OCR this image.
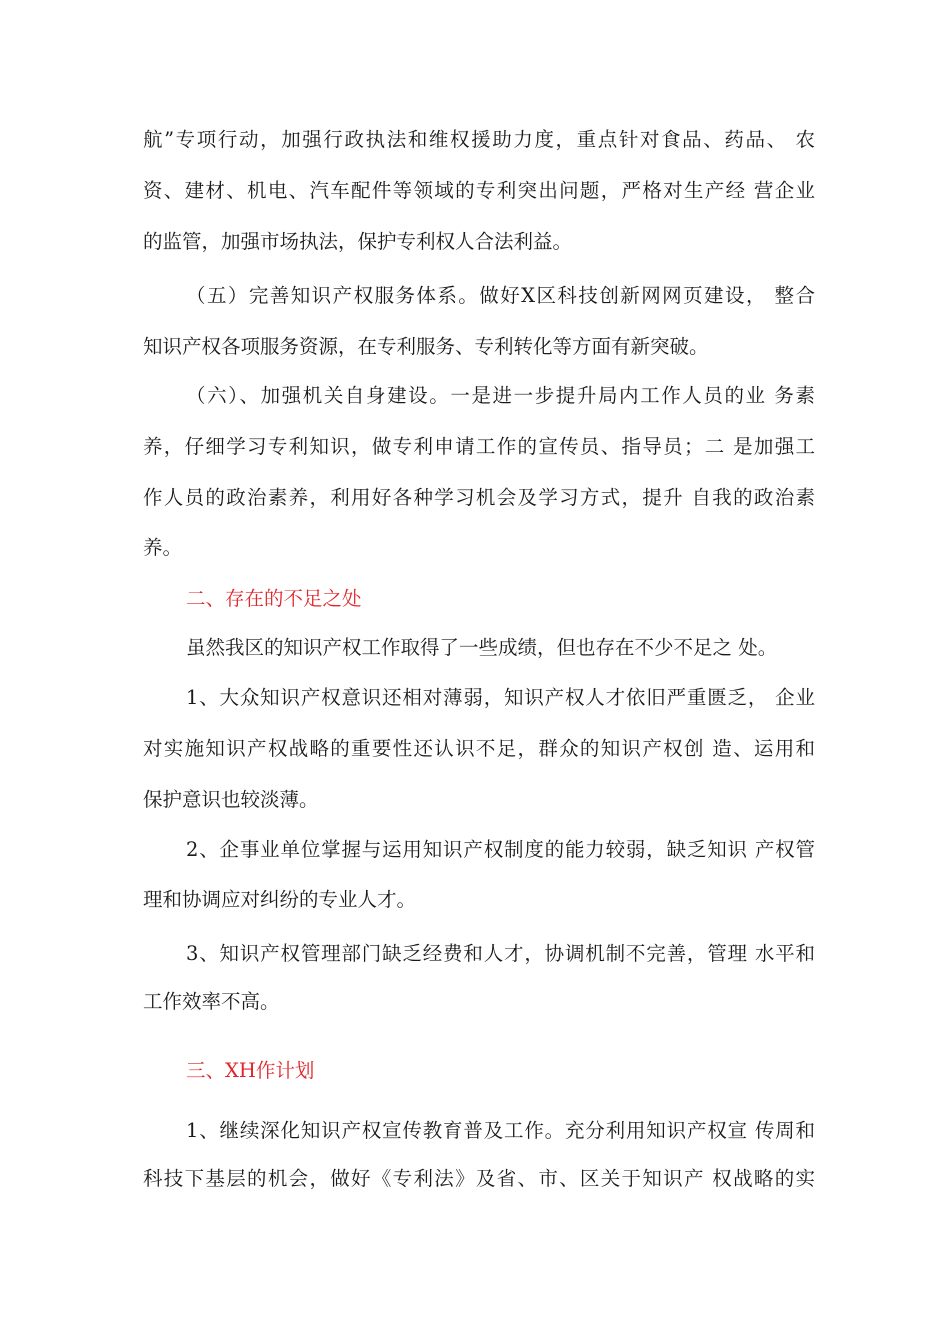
航”专项行动，加强行政执法和维权援助力度，重点针对食品、药品、 农
资、建材、机电、汽车配件等领域的专利突出问题，严格对生产经 营企业
的监管，加强市场执法，保护专利权人合法利益。
（五）完善知识产权服务体系。做好X区科技创新网网页建设， 整合
知识产权各项服务资源，在专利服务、专利转化等方面有新突破。
（六）、加强机关自身建设。一是进一步提升局内工作人员的业 务素
养，仔细学习专利知识，做专利申请工作的宣传员、指导员；二 是加强工
作人员的政治素养，利用好各种学习机会及学习方式，提升 自我的政治素
养。
二、存在的不足之处
虽然我区的知识产权工作取得了一些成绩，但也存在不少不足之 处。
1、大众知识产权意识还相对薄弱，知识产权人才依旧严重匮乏， 企业
对实施知识产权战略的重要性还认识不足，群众的知识产权创 造、运用和
保护意识也较淡薄。
2、企事业单位掌握与运用知识产权制度的能力较弱，缺乏知识 产权管
理和协调应对纠纷的专业人才。
3、知识产权管理部门缺乏经费和人才，协调机制不完善，管理 水平和
工作效率不高。
三、XH作计划
1、继续深化知识产权宣传教育普及工作。充分利用知识产权宣 传周和
科技下基层的机会，做好《专利法》及省、市、区关于知识产 权战略的实
